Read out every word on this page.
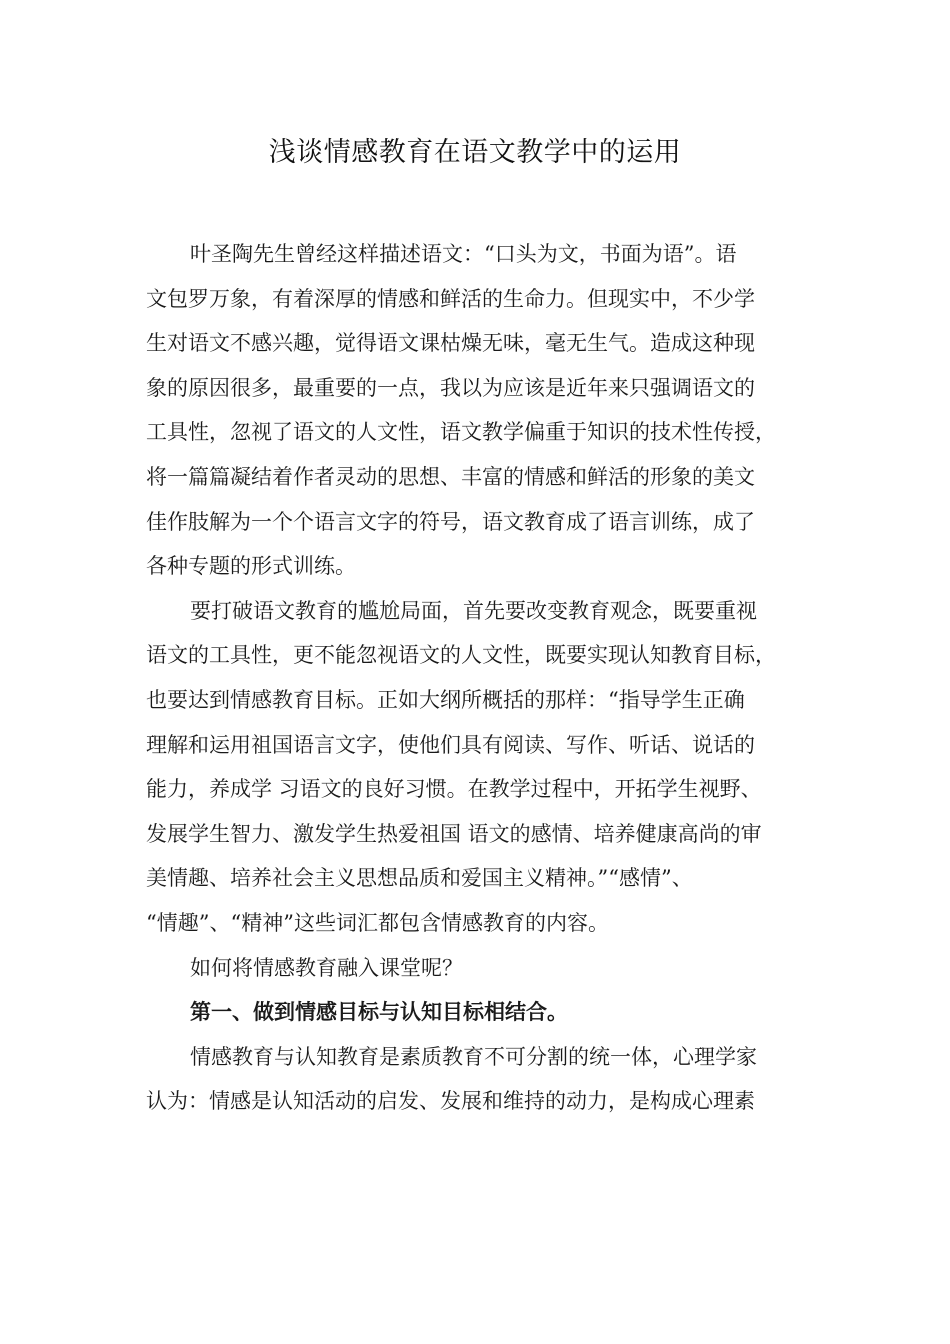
浅谈情感教育在语文教学中的运用
叶圣陶先生曾经这样描述语文：“口头为文，书面为语”。语
文包罗万象，有着深厚的情感和鲜活的生命力。但现实中，不少学
生对语文不感兴趣，觉得语文课枯燥无味，毫无生气。造成这种现
象的原因很多，最重要的一点，我以为应该是近年来只强调语文的
工具性，忽视了语文的人文性，语文教学偏重于知识的技术性传授，
将一篇篇凝结着作者灵动的思想、丰富的情感和鲜活的形象的美文
佳作肢解为一个个语言文字的符号，语文教育成了语言训练，成了
各种专题的形式训练。
要打破语文教育的尴尬局面，首先要改变教育观念，既要重视
语文的工具性，更不能忽视语文的人文性，既要实现认知教育目标，
也要达到情感教育目标。正如大纲所概括的那样：“指导学生正确
理解和运用祖国语言文字，使他们具有阅读、写作、听话、说话的
能力，养成学 习语文的良好习惯。在教学过程中，开拓学生视野、
发展学生智力、激发学生热爱祖国 语文的感情、培养健康高尚的审
美情趣、培养社会主义思想品质和爱国主义精神。”“感情”、
“情趣”、“精神”这些词汇都包含情感教育的内容。
如何将情感教育融入课堂呢？
第一、做到情感目标与认知目标相结合。
情感教育与认知教育是素质教育不可分割的统一体，心理学家
认为：情感是认知活动的启发、发展和维持的动力，是构成心理素
